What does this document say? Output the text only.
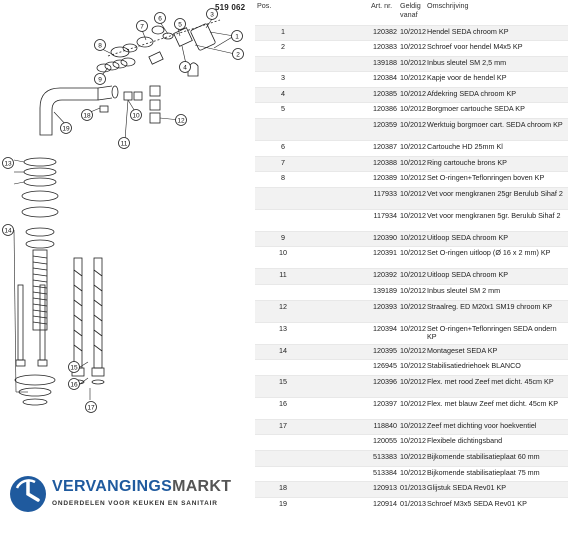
519 062
1
2
4
6
5
7
8
9
19
18	10
11
12
13
14
15
16
17
3
VERVANGINGSMARKT
ONDERDELEN VOOR KEUKEN EN SANITAIR
Pos.	Art. nr.	Geldig
vanaf	Omschrijving
1	120382	10/2012	Hendel SEDA chroom KP
2	120383	10/2012	Schroef voor hendel M4x5 KP
	139188	10/2012	Inbus sleutel SM 2,5 mm
3	120384	10/2012	Kapje voor de hendel KP
4	120385	10/2012	Afdekring SEDA chroom KP
5	120386	10/2012	Borgmoer cartouche SEDA KP
	120359	10/2012	Werktuig borgmoer cart. SEDA chroom KP
6	120387	10/2012	Cartouche HD 25mm Kl
7	120388	10/2012	Ring cartouche brons KP
8	120389	10/2012	Set O-ringen+Teflonringen boven KP
	117933	10/2012	Vet voor mengkranen 25gr Berulub Sihaf 2
	117934	10/2012	Vet voor mengkranen 5gr. Berulub Sihaf 2
9	120390	10/2012	Uitloop SEDA chroom KP
10	120391	10/2012	Set O-ringen uitloop (Ø 16 x 2 mm) KP
11	120392	10/2012	Uitloop SEDA chroom KP
	139189	10/2012	Inbus sleutel SM 2 mm
12	120393	10/2012	Straalreg. ED M20x1 SM19 chroom KP
13	120394	10/2012	Set O-ringen+Teflonringen SEDA ondern KP
14	120395	10/2012	Montageset SEDA KP
	126945	10/2012	Stabilisatiedriehoek BLANCO
15	120396	10/2012	Flex. met rood Zeef met dicht. 45cm KP
16	120397	10/2012	Flex. met blauw Zeef met dicht. 45cm KP
17	118840	10/2012	Zeef met dichting voor hoekventiel
	120055	10/2012	Flexibele dichtingsband
	513383	10/2012	Bijkomende stabilisatieplaat 60 mm
	513384	10/2012	Bijkomende stabilisatieplaat 75 mm
18	120913	01/2013	Glijstuk SEDA Rev01 KP
19	120914	01/2013	Schroef M3x5 SEDA Rev01 KP
